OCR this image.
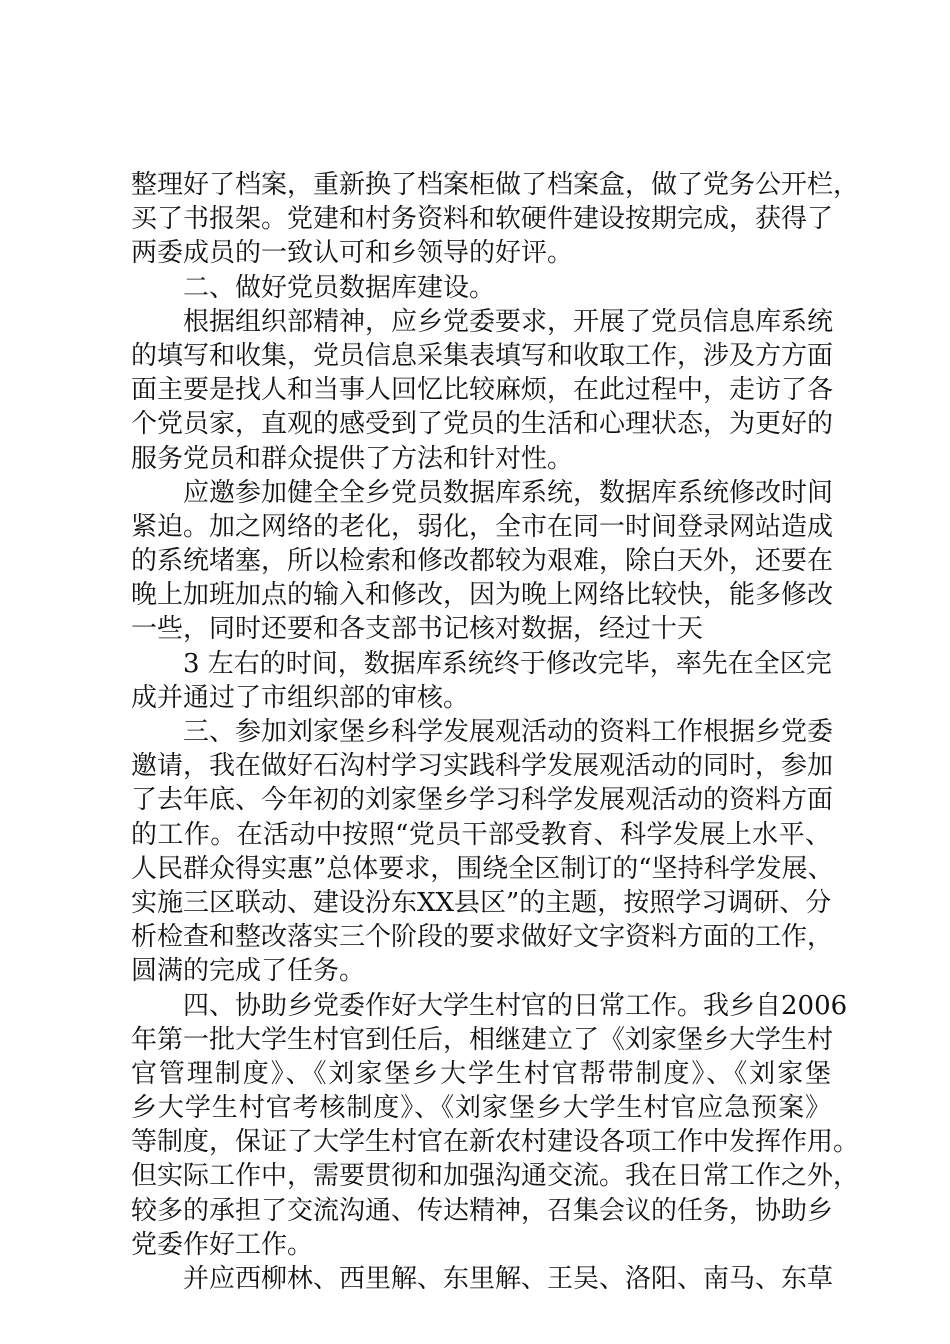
整理好了档案，重新换了档案柜做了档案盒，做了党务公开栏，
买了书报架。党建和村务资料和软硬件建设按期完成，获得了
两委成员的一致认可和乡领导的好评。
二、做好党员数据库建设。
根据组织部精神，应乡党委要求，开展了党员信息库系统
的填写和收集，党员信息采集表填写和收取工作，涉及方方面
面主要是找人和当事人回忆比较麻烦，在此过程中，走访了各
个党员家，直观的感受到了党员的生活和心理状态，为更好的
服务党员和群众提供了方法和针对性。
应邀参加健全全乡党员数据库系统，数据库系统修改时间
紧迫。加之网络的老化，弱化，全市在同一时间登录网站造成
的系统堵塞，所以检索和修改都较为艰难，除白天外，还要在
晚上加班加点的输入和修改，因为晚上网络比较快，能多修改
一些，同时还要和各支部书记核对数据，经过十天
3 左右的时间，数据库系统终于修改完毕，率先在全区完
成并通过了市组织部的审核。
三、参加刘家堡乡科学发展观活动的资料工作根据乡党委
邀请，我在做好石沟村学习实践科学发展观活动的同时，参加
了去年底、今年初的刘家堡乡学习科学发展观活动的资料方面
的工作。在活动中按照“党员干部受教育、科学发展上水平、
人民群众得实惠”总体要求，围绕全区制订的“坚持科学发展、
实施三区联动、建设汾东XX县区”的主题，按照学习调研、分
析检查和整改落实三个阶段的要求做好文字资料方面的工作，
圆满的完成了任务。
四、协助乡党委作好大学生村官的日常工作。我乡自2006
年第一批大学生村官到任后，相继建立了《刘家堡乡大学生村
官管理制度》、《刘家堡乡大学生村官帮带制度》、《刘家堡
乡大学生村官考核制度》、《刘家堡乡大学生村官应急预案》
等制度，保证了大学生村官在新农村建设各项工作中发挥作用。
但实际工作中，需要贯彻和加强沟通交流。我在日常工作之外，
较多的承担了交流沟通、传达精神，召集会议的任务，协助乡
党委作好工作。
并应西柳林、西里解、东里解、王吴、洛阳、南马、东草
